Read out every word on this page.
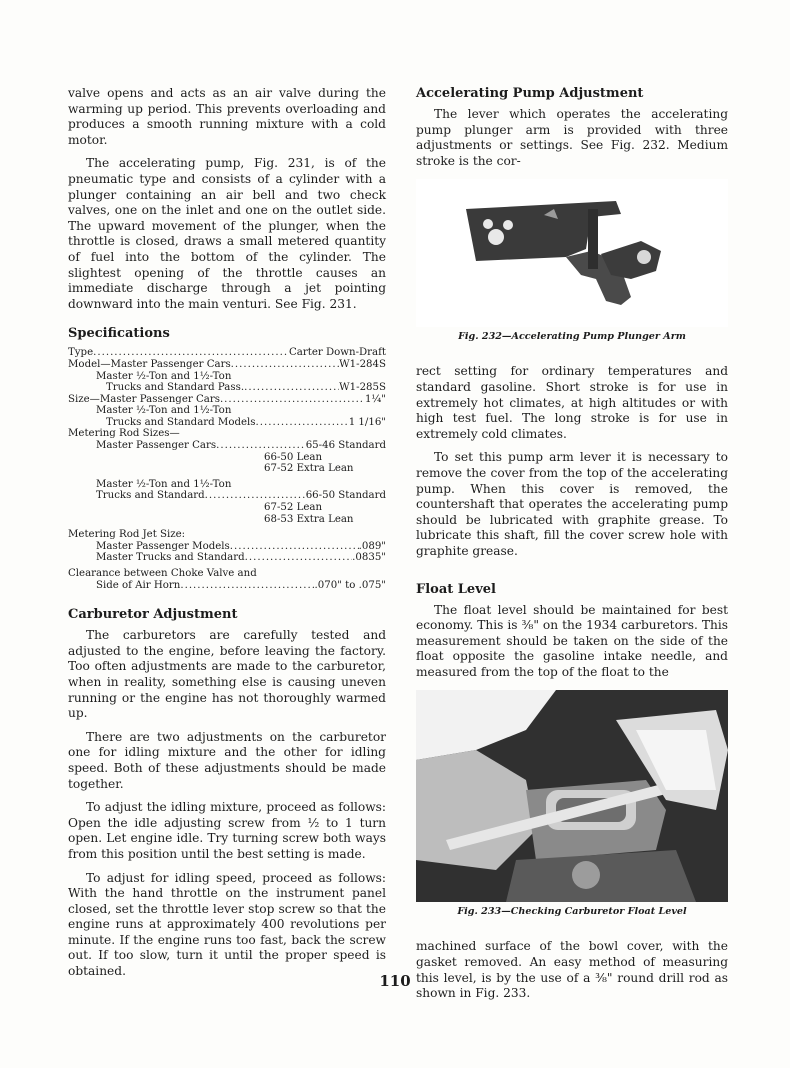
valve opens and acts as an air valve during the warming up period. This prevents overloading and produces a smooth running mixture with a cold motor.

The accelerating pump, Fig. 231, is of the pneumatic type and consists of a cylinder with a plunger containing an air bell and two check valves, one on the inlet and one on the outlet side. The upward movement of the plunger, when the throttle is closed, draws a small metered quantity of fuel into the bottom of the cylinder. The slightest opening of the throttle causes an immediate discharge through a jet pointing downward into the main venturi. See Fig. 231.

Specifications
Type .....	Carter Down-Draft
Model—Master Passenger Cars .....	W1-284S
Master ½-Ton and 1½-Ton
Trucks and Standard Pass. .....	W1-285S
Size—Master Passenger Cars .....	1¼"
Master ½-Ton and 1½-Ton
Trucks and Standard Models .....	1 1/16"
Metering Rod Sizes—
Master Passenger Cars .....	65-46 Standard
66-50 Lean
67-52 Extra Lean
Master ½-Ton and 1½-Ton
Trucks and Standard .....	66-50 Standard
67-52 Lean
68-53 Extra Lean
Metering Rod Jet Size:
Master Passenger Models .....	.089"
Master Trucks and Standard .....	.0835"
Clearance between Choke Valve and
Side of Air Horn .....	.070" to .075"
Carburetor Adjustment

The carburetors are carefully tested and adjusted to the engine, before leaving the factory. Too often adjustments are made to the carburetor, when in reality, something else is causing uneven running or the engine has not thoroughly warmed up.

There are two adjustments on the carburetor one for idling mixture and the other for idling speed. Both of these adjustments should be made together.

To adjust the idling mixture, proceed as follows: Open the idle adjusting screw from ½ to 1 turn open. Let engine idle. Try turning screw both ways from this position until the best setting is made.

To adjust for idling speed, proceed as follows: With the hand throttle on the instrument panel closed, set the throttle lever stop screw so that the engine runs at approximately 400 revolutions per minute. If the engine runs too fast, back the screw out. If too slow, turn it until the proper speed is obtained.

Accelerating Pump Adjustment

The lever which operates the accelerating pump plunger arm is provided with three adjustments or settings. See Fig. 232. Medium stroke is the cor-

Fig. 232—Accelerating Pump Plunger Arm

rect setting for ordinary temperatures and standard gasoline. Short stroke is for use in extremely hot climates, at high altitudes or with high test fuel. The long stroke is for use in extremely cold climates.

To set this pump arm lever it is necessary to remove the cover from the top of the accelerating pump. When this cover is removed, the countershaft that operates the accelerating pump should be lubricated with graphite grease. To lubricate this shaft, fill the cover screw hole with graphite grease.

Float Level

The float level should be maintained for best economy. This is ⅜" on the 1934 carburetors. This measurement should be taken on the side of the float opposite the gasoline intake needle, and measured from the top of the float to the

Fig. 233—Checking Carburetor Float Level

machined surface of the bowl cover, with the gasket removed. An easy method of measuring this level, is by the use of a ⅜" round drill rod as shown in Fig. 233.

110
